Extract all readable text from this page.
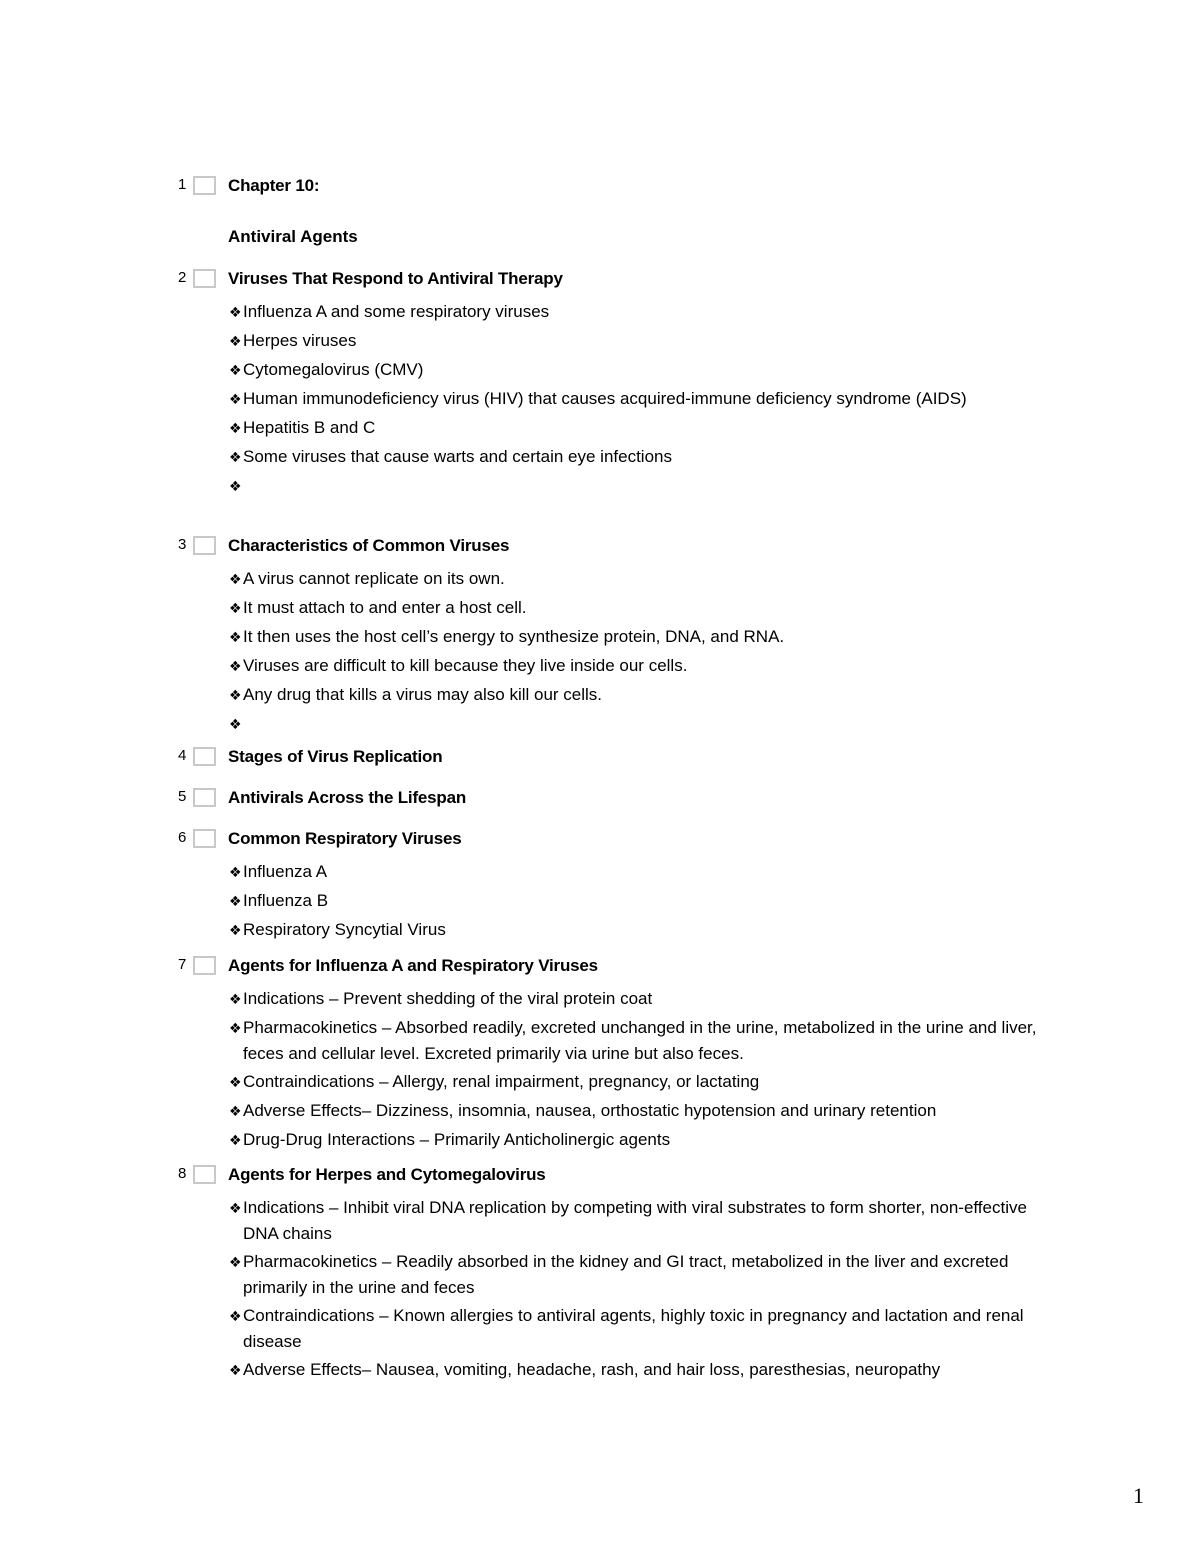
1
1 Chapter 10:
Antiviral Agents
2 Viruses That Respond to Antiviral Therapy
❖Influenza A and some respiratory viruses
❖Herpes viruses
❖Cytomegalovirus (CMV)
❖Human immunodeficiency virus (HIV) that causes acquired-immune deficiency syndrome (AIDS)
❖Hepatitis B and C
❖Some viruses that cause warts and certain eye infections
❖
3 Characteristics of Common Viruses
❖A virus cannot replicate on its own.
❖It must attach to and enter a host cell.
❖It then uses the host cell’s energy to synthesize protein, DNA, and RNA.
❖Viruses are difficult to kill because they live inside our cells.
❖Any drug that kills a virus may also kill our cells.
❖
4 Stages of Virus Replication
5 Antivirals Across the Lifespan
6 Common Respiratory Viruses
❖Influenza A
❖Influenza B
❖Respiratory Syncytial Virus
7 Agents for Influenza A and Respiratory Viruses
❖Indications – Prevent shedding of the viral protein coat
❖Pharmacokinetics – Absorbed readily, excreted unchanged in the urine, metabolized in the urine and liver, feces and cellular level. Excreted primarily via urine but also feces.
❖Contraindications – Allergy, renal impairment, pregnancy, or lactating
❖Adverse Effects– Dizziness, insomnia, nausea, orthostatic hypotension and urinary retention
❖Drug-Drug Interactions – Primarily Anticholinergic agents
8 Agents for Herpes and Cytomegalovirus
❖Indications – Inhibit viral DNA replication by competing with viral substrates to form shorter, non-effective DNA chains
❖Pharmacokinetics – Readily absorbed in the kidney and GI tract, metabolized in the liver and excreted primarily in the urine and feces
❖Contraindications – Known allergies to antiviral agents, highly toxic in pregnancy and lactation and renal disease
❖Adverse Effects– Nausea, vomiting, headache, rash, and hair loss, paresthesias, neuropathy
